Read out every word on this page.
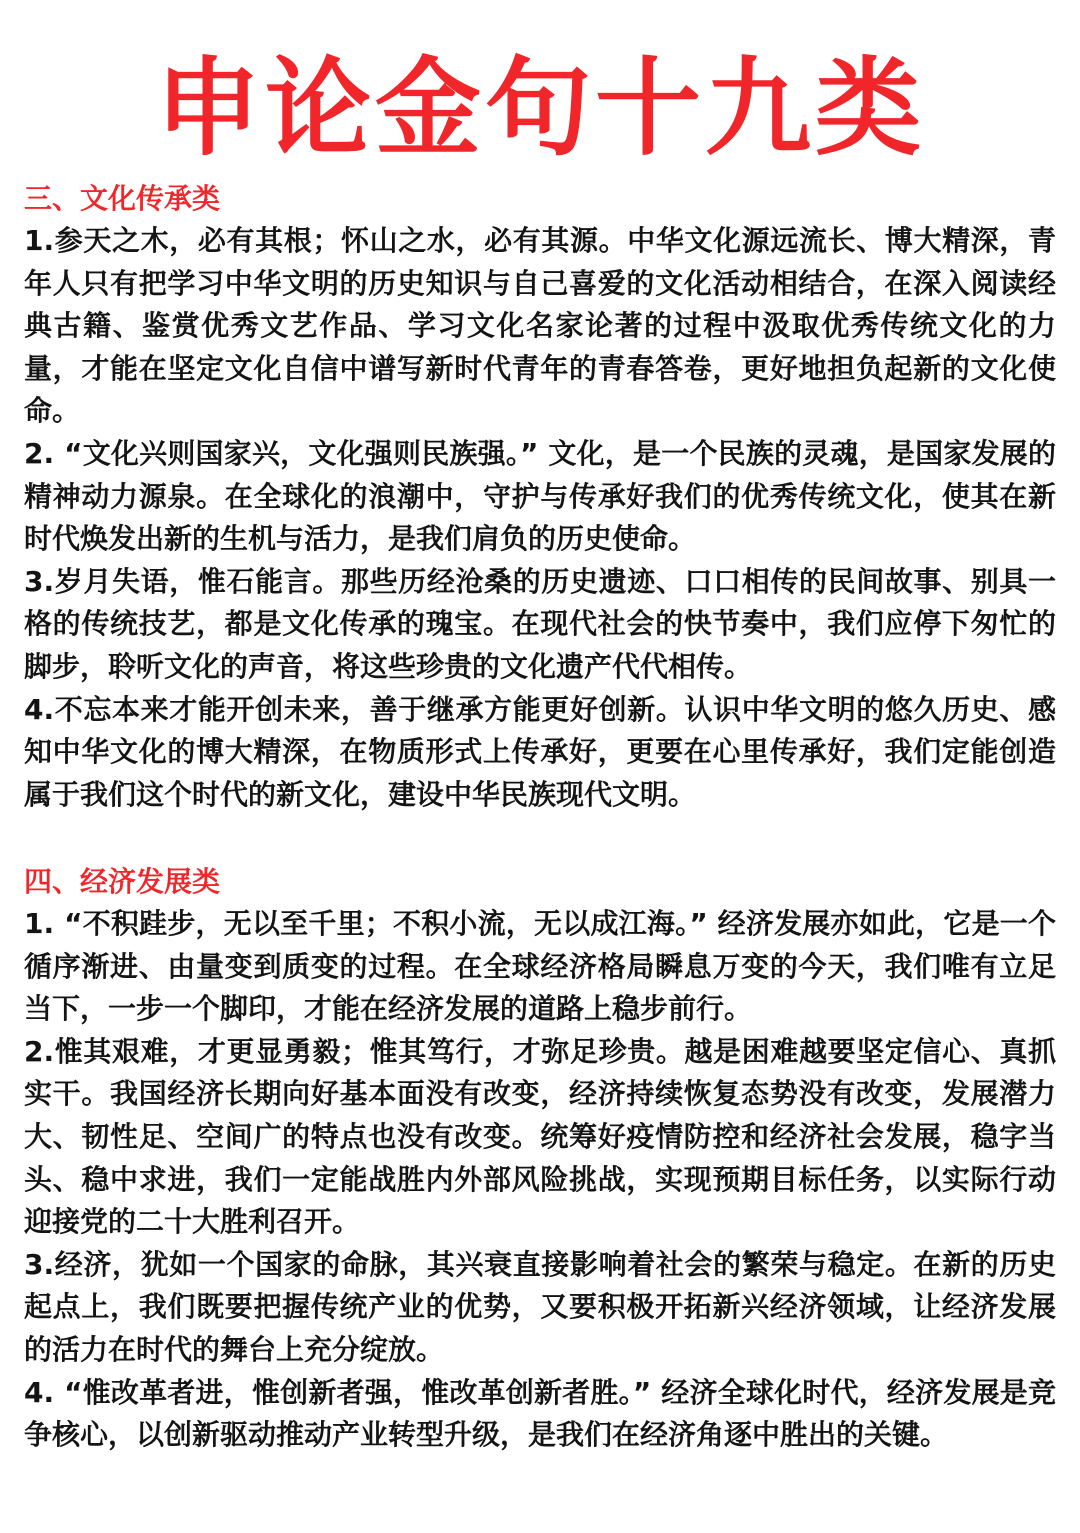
申论金句十九类
三、文化传承类

1.参天之木，必有其根；怀山之水，必有其源。中华文化源远流长、博大精深，青年人只有把学习中华文明的历史知识与自己喜爱的文化活动相结合，在深入阅读经典古籍、鉴赏优秀文艺作品、学习文化名家论著的过程中汲取优秀传统文化的力量，才能在坚定文化自信中谱写新时代青年的青春答卷，更好地担负起新的文化使命。

2. “文化兴则国家兴，文化强则民族强。” 文化，是一个民族的灵魂，是国家发展的精神动力源泉。在全球化的浪潮中，守护与传承好我们的优秀传统文化，使其在新时代焕发出新的生机与活力，是我们肩负的历史使命。

3.岁月失语，惟石能言。那些历经沧桑的历史遗迹、口口相传的民间故事、别具一格的传统技艺，都是文化传承的瑰宝。在现代社会的快节奏中，我们应停下匆忙的脚步，聆听文化的声音，将这些珍贵的文化遗产代代相传。

4.不忘本来才能开创未来，善于继承方能更好创新。认识中华文明的悠久历史、感知中华文化的博大精深，在物质形式上传承好，更要在心里传承好，我们定能创造属于我们这个时代的新文化，建设中华民族现代文明。

四、经济发展类

1. “不积跬步，无以至千里；不积小流，无以成江海。” 经济发展亦如此，它是一个循序渐进、由量变到质变的过程。在全球经济格局瞬息万变的今天，我们唯有立足当下，一步一个脚印，才能在经济发展的道路上稳步前行。

2.惟其艰难，才更显勇毅；惟其笃行，才弥足珍贵。越是困难越要坚定信心、真抓实干。我国经济长期向好基本面没有改变，经济持续恢复态势没有改变，发展潜力大、韧性足、空间广的特点也没有改变。统筹好疫情防控和经济社会发展，稳字当头、稳中求进，我们一定能战胜内外部风险挑战，实现预期目标任务，以实际行动迎接党的二十大胜利召开。

3.经济，犹如一个国家的命脉，其兴衰直接影响着社会的繁荣与稳定。在新的历史起点上，我们既要把握传统产业的优势，又要积极开拓新兴经济领域，让经济发展的活力在时代的舞台上充分绽放。

4. “惟改革者进，惟创新者强，惟改革创新者胜。” 经济全球化时代，经济发展是竞争核心，以创新驱动推动产业转型升级，是我们在经济角逐中胜出的关键。
